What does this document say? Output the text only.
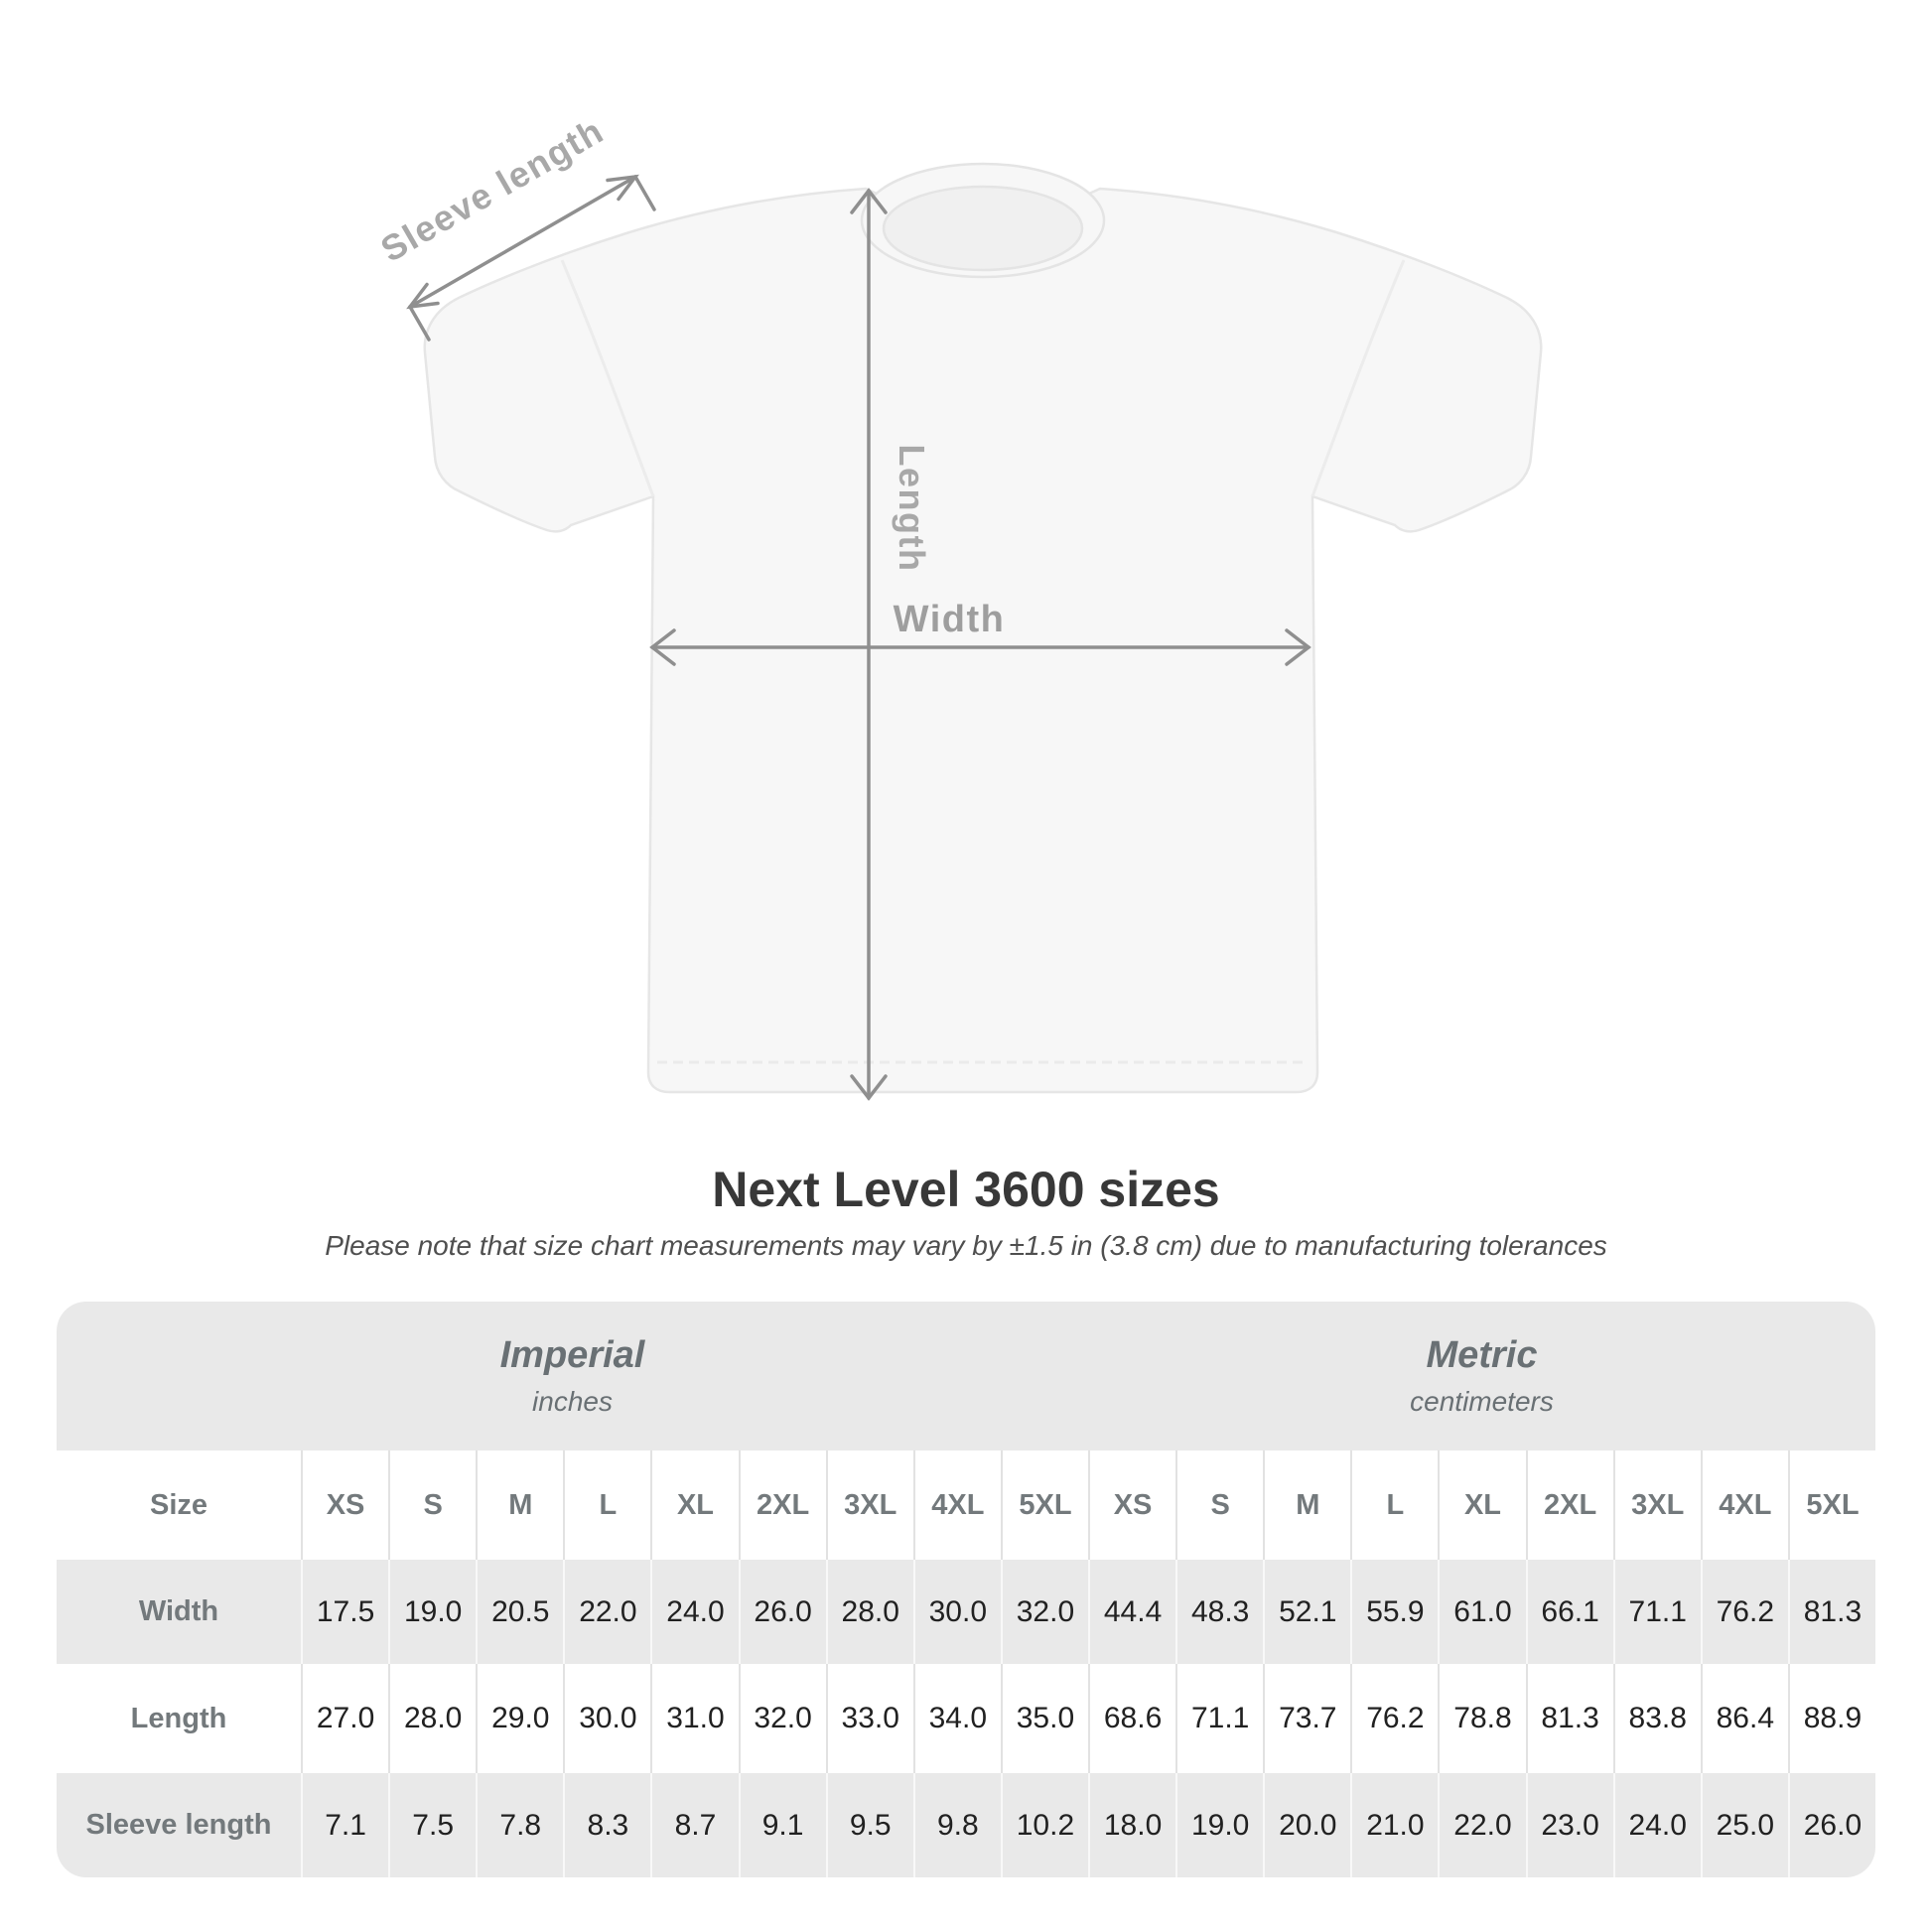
Sleeve length
Length
Width
Next Level 3600 sizes

Please note that size chart measurements may vary by ±1.5 in (3.8 cm) due to manufacturing tolerances

Imperial
inches
Metric
centimeters
Size	XS	S	M	L	XL	2XL	3XL	4XL	5XL	XS	S	M	L	XL	2XL	3XL	4XL	5XL
Width	17.5 19.0 20.5 22.0 24.0 26.0 28.0 30.0 32.0 44.4 48.3 52.1 55.9 61.0 66.1 71.1 76.2 81.3
Length	27.0 28.0 29.0 30.0 31.0 32.0 33.0 34.0 35.0 68.6 71.1 73.7 76.2 78.8 81.3 83.8 86.4 88.9
Sleeve length	7.1	7.5	7.8	8.3	8.7	9.1	9.5	9.8	10.2 18.0 19.0 20.0 21.0 22.0 23.0 24.0 25.0 26.0
